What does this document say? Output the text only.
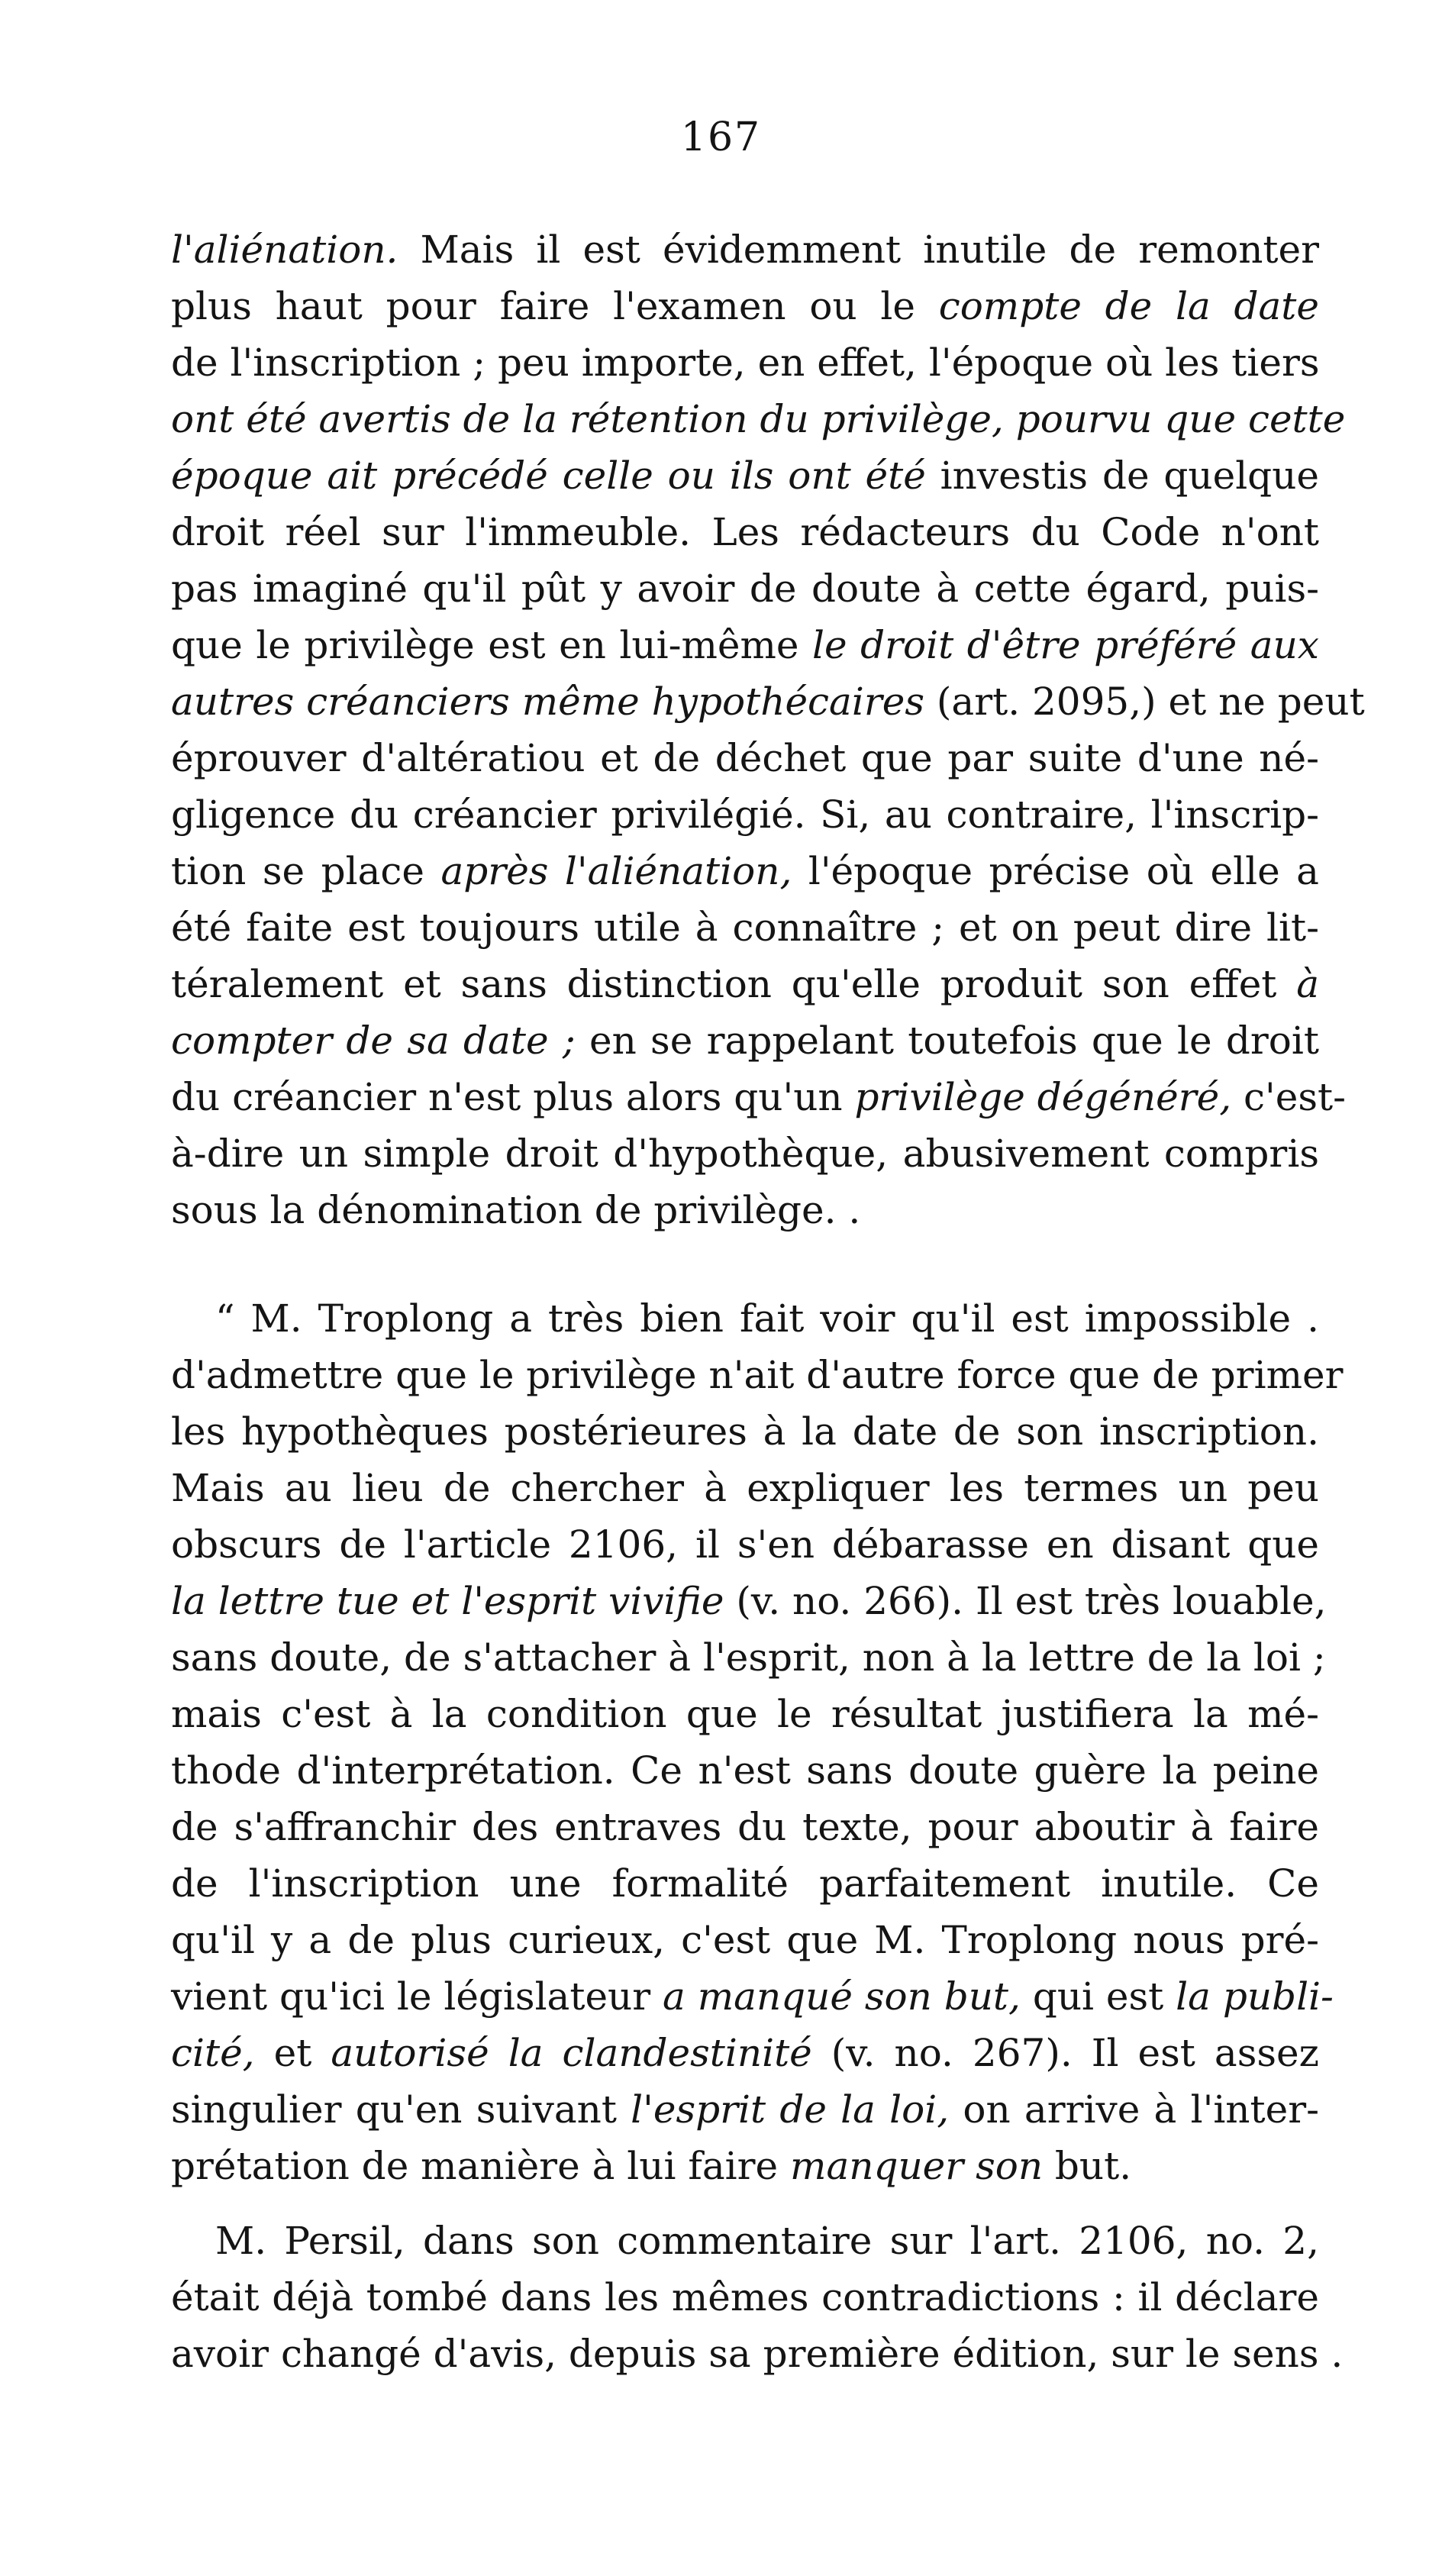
167
l'aliénation. Mais il est évidemment inutile de remonter
plus haut pour faire l'examen ou le compte de la date
de l'inscription ; peu importe, en effet, l'époque où les tiers
ont été avertis de la rétention du privilège, pourvu que cette
époque ait précédé celle ou ils ont été investis de quelque
droit réel sur l'immeuble. Les rédacteurs du Code n'ont
pas imaginé qu'il pût y avoir de doute à cette égard, puis-
que le privilège est en lui-même le droit d'être préféré aux
autres créanciers même hypothécaires (art. 2095,) et ne peut
éprouver d'altératiou et de déchet que par suite d'une né-
gligence du créancier privilégié. Si, au contraire, l'inscrip-
tion se place après l'aliénation, l'époque précise où elle a
été faite est toujours utile à connaître ; et on peut dire lit-
téralement et sans distinction qu'elle produit son effet à
compter de sa date ; en se rappelant toutefois que le droit
du créancier n'est plus alors qu'un privilège dégénéré, c'est-
à-dire un simple droit d'hypothèque, abusivement compris
sous la dénomination de privilège. .
“ M. Troplong a très bien fait voir qu'il est impossible .
d'admettre que le privilège n'ait d'autre force que de primer
les hypothèques postérieures à la date de son inscription.
Mais au lieu de chercher à expliquer les termes un peu
obscurs de l'article 2106, il s'en débarasse en disant que
la lettre tue et l'esprit vivifie (v. no. 266). Il est très louable,
sans doute, de s'attacher à l'esprit, non à la lettre de la loi ;
mais c'est à la condition que le résultat justifiera la mé-
thode d'interprétation. Ce n'est sans doute guère la peine
de s'affranchir des entraves du texte, pour aboutir à faire
de l'inscription une formalité parfaitement inutile. Ce
qu'il y a de plus curieux, c'est que M. Troplong nous pré-
vient qu'ici le législateur a manqué son but, qui est la publi-
cité, et autorisé la clandestinité (v. no. 267). Il est assez
singulier qu'en suivant l'esprit de la loi, on arrive à l'inter-
prétation de manière à lui faire manquer son but.
M. Persil, dans son commentaire sur l'art. 2106, no. 2,
était déjà tombé dans les mêmes contradictions : il déclare
avoir changé d'avis, depuis sa première édition, sur le sens .
